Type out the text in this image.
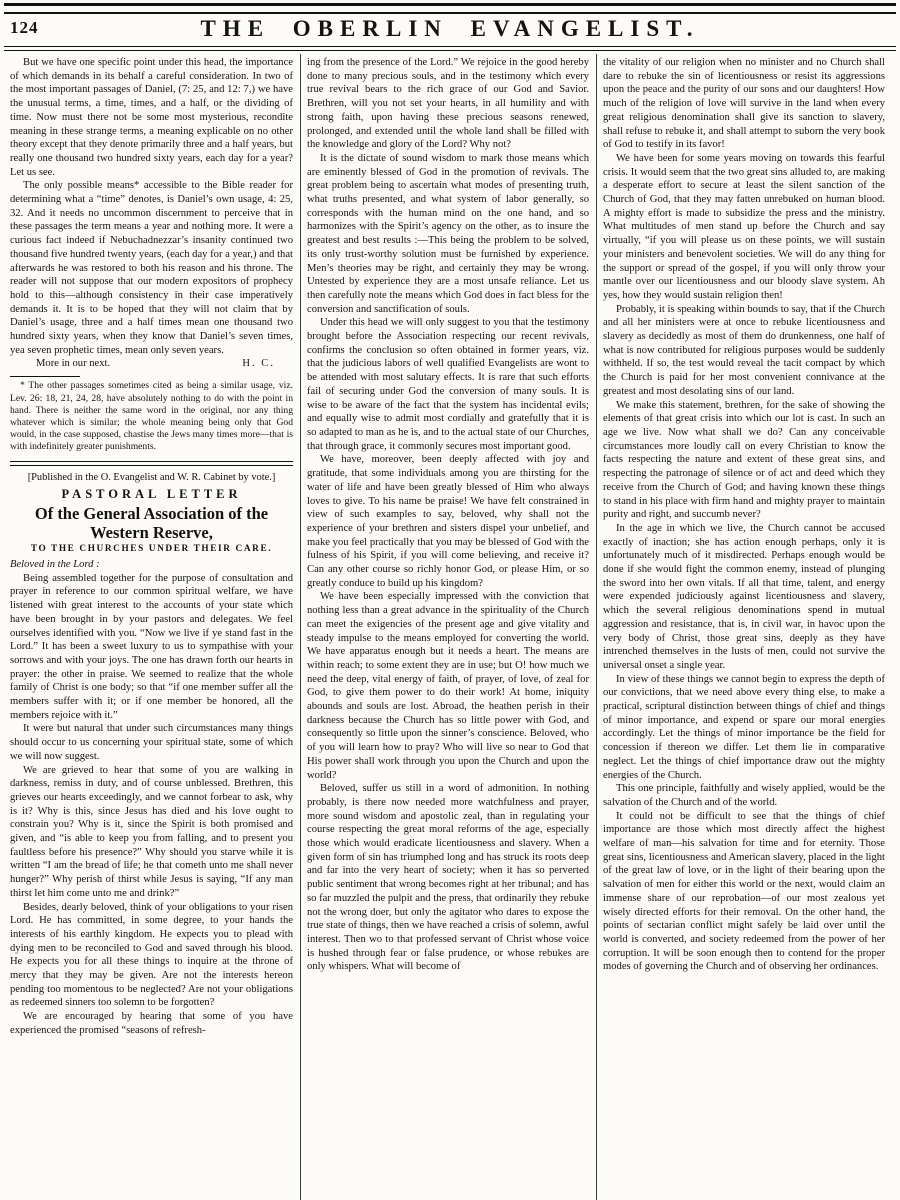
124	THE OBERLIN EVANGELIST.

But we have one specific point under this head, the importance of which demands in its behalf a careful consideration. In two of the most important passages of Daniel, (7: 25, and 12: 7,) we have the unusual terms, a time, times, and a half, or the dividing of time. Now must there not be some most mysterious, recondite meaning in these strange terms, a meaning explicable on no other theory except that they denote primarily three and a half years, but really one thousand two hundred sixty years, each day for a year? Let us see.

The only possible means* accessible to the Bible reader for determining what a “time” denotes, is Daniel’s own usage, 4: 25, 32. And it needs no uncommon discernment to perceive that in these passages the term means a year and nothing more. It were a curious fact indeed if Nebuchadnezzar’s insanity continued two thousand five hundred twenty years, (each day for a year,) and that afterwards he was restored to both his reason and his throne. The reader will not suppose that our modern expositors of prophecy hold to this—although consistency in their case imperatively demands it. It is to be hoped that they will not claim that by Daniel’s usage, three and a half times mean one thousand two hundred sixty years, when they know that Daniel’s seven times, yea seven prophetic times, mean only seven years.

More in our next.	H. C.

* The other passages sometimes cited as being a similar usage, viz. Lev. 26: 18, 21, 24, 28, have absolutely nothing to do with the point in hand. There is neither the same word in the original, nor any thing whatever which is similar; the whole meaning being only that God would, in the case supposed, chastise the Jews many times more—that is with indefinitely greater punishments.

[Published in the O. Evangelist and W. R. Cabinet by vote.]

PASTORAL LETTER
Of the General Association of the Western Reserve,
TO THE CHURCHES UNDER THEIR CARE.

Beloved in the Lord :

Being assembled together for the purpose of consultation and prayer in reference to our common spiritual welfare, we have listened with great interest to the accounts of your state which have been brought in by your pastors and delegates. We feel ourselves identified with you. “Now we live if ye stand fast in the Lord.” It has been a sweet luxury to us to sympathise with your sorrows and with your joys. The one has drawn forth our hearts in prayer: the other in praise. We seemed to realize that the whole family of Christ is one body; so that “if one member suffer all the members suffer with it; or if one member be honored, all the members rejoice with it.”

It were but natural that under such circumstances many things should occur to us concerning your spiritual state, some of which we will now suggest.

We are grieved to hear that some of you are walking in darkness, remiss in duty, and of course unblessed. Brethren, this grieves our hearts exceedingly, and we cannot forbear to ask, why is it? Why is this, since Jesus has died and his love ought to constrain you? Why is it, since the Spirit is both promised and given, and “is able to keep you from falling, and to present you faultless before his presence?” Why should you starve while it is written “I am the bread of life; he that cometh unto me shall never hunger?” Why perish of thirst while Jesus is saying, “If any man thirst let him come unto me and drink?”

Besides, dearly beloved, think of your obligations to your risen Lord. He has committed, in some degree, to your hands the interests of his earthly kingdom. He expects you to plead with dying men to be reconciled to God and saved through his blood. He expects you for all these things to inquire at the throne of mercy that they may be given. Are not the interests hereon pending too momentous to be neglected? Are not your obligations as redeemed sinners too solemn to be forgotten?

We are encouraged by hearing that some of you have experienced the promised “seasons of refresh-

ing from the presence of the Lord.” We rejoice in the good hereby done to many precious souls, and in the testimony which every true revival bears to the rich grace of our God and Savior. Brethren, will you not set your hearts, in all humility and with strong faith, upon having these precious seasons renewed, prolonged, and extended until the whole land shall be filled with the knowledge and glory of the Lord? Why not?

It is the dictate of sound wisdom to mark those means which are eminently blessed of God in the promotion of revivals. The great problem being to ascertain what modes of presenting truth, what truths presented, and what system of labor generally, so corresponds with the human mind on the one hand, and so harmonizes with the Spirit’s agency on the other, as to insure the greatest and best results :—This being the problem to be solved, its only trust-worthy solution must be furnished by experience. Men’s theories may be right, and certainly they may be wrong. Untested by experience they are a most unsafe reliance. Let us then carefully note the means which God does in fact bless for the conversion and sanctification of souls.

Under this head we will only suggest to you that the testimony brought before the Association respecting our recent revivals, confirms the conclusion so often obtained in former years, viz. that the judicious labors of well qualified Evangelists are wont to be attended with most salutary effects. It is rare that such efforts fail of securing under God the conversion of many souls. It is wise to be aware of the fact that the system has incidental evils; and equally wise to admit most cordially and gratefully that it is so adapted to man as he is, and to the actual state of our Churches, that through grace, it commonly secures most important good.

We have, moreover, been deeply affected with joy and gratitude, that some individuals among you are thirsting for the water of life and have been greatly blessed of Him who always loves to give. To his name be praise! We have felt constrained in view of such examples to say, beloved, why shall not the experience of your brethren and sisters dispel your unbelief, and make you feel practically that you may be blessed of God with the fulness of his Spirit, if you will come believing, and receive it? Can any other course so richly honor God, or please Him, or so greatly conduce to build up his kingdom?

We have been especially impressed with the conviction that nothing less than a great advance in the spirituality of the Church can meet the exigencies of the present age and give vitality and steady impulse to the means employed for converting the world. We have apparatus enough but it needs a heart. The means are within reach; to some extent they are in use; but O! how much we need the deep, vital energy of faith, of prayer, of love, of zeal for God, to give them power to do their work! At home, iniquity abounds and souls are lost. Abroad, the heathen perish in their darkness because the Church has so little power with God, and consequently so little upon the sinner’s conscience. Beloved, who of you will learn how to pray? Who will live so near to God that His power shall work through you upon the Church and upon the world?

Beloved, suffer us still in a word of admonition. In nothing probably, is there now needed more watchfulness and prayer, more sound wisdom and apostolic zeal, than in regulating your course respecting the great moral reforms of the age, especially those which would eradicate licentiousness and slavery. When a given form of sin has triumphed long and has struck its roots deep and far into the very heart of society; when it has so perverted public sentiment that wrong becomes right at her tribunal; and has so far muzzled the pulpit and the press, that ordinarily they rebuke not the wrong doer, but only the agitator who dares to expose the true state of things, then we have reached a crisis of solemn, awful interest. Then wo to that professed servant of Christ whose voice is hushed through fear or false prudence, or whose rebukes are only whispers. What will become of

the vitality of our religion when no minister and no Church shall dare to rebuke the sin of licentiousness or resist its aggressions upon the peace and the purity of our sons and our daughters! How much of the religion of love will survive in the land when every great religious denomination shall give its sanction to slavery, shall refuse to rebuke it, and shall attempt to suborn the very book of God to testify in its favor!

We have been for some years moving on towards this fearful crisis. It would seem that the two great sins alluded to, are making a desperate effort to secure at least the silent sanction of the Church of God, that they may fatten unrebuked on human blood. A mighty effort is made to subsidize the press and the ministry. What multitudes of men stand up before the Church and say virtually, “if you will please us on these points, we will sustain your ministers and benevolent societies. We will do any thing for the support or spread of the gospel, if you will only throw your mantle over our licentiousness and our bloody slave system. Ah yes, how they would sustain religion then!

Probably, it is speaking within bounds to say, that if the Church and all her ministers were at once to rebuke licentiousness and slavery as decidedly as most of them do drunkenness, one half of what is now contributed for religious purposes would be suddenly withheld. If so, the test would reveal the tacit compact by which the Church is paid for her most convenient connivance at the greatest and most desolating sins of our land.

We make this statement, brethren, for the sake of showing the elements of that great crisis into which our lot is cast. In such an age we live. Now what shall we do? Can any conceivable circumstances more loudly call on every Christian to know the facts respecting the nature and extent of these great sins, and respecting the patronage of silence or of act and deed which they receive from the Church of God; and having known these things to stand in his place with firm hand and mighty prayer to maintain purity and right, and succumb never?

In the age in which we live, the Church cannot be accused exactly of inaction; she has action enough perhaps, only it is unfortunately much of it misdirected. Perhaps enough would be done if she would fight the common enemy, instead of plunging the sword into her own vitals. If all that time, talent, and energy were expended judiciously against licentiousness and slavery, which the several religious denominations spend in mutual aggression and resistance, that is, in civil war, in havoc upon the very body of Christ, those great sins, deeply as they have intrenched themselves in the lusts of men, could not survive the universal onset a single year.

In view of these things we cannot begin to express the depth of our convictions, that we need above every thing else, to make a practical, scriptural distinction between things of chief and things of minor importance, and expend or spare our moral energies accordingly. Let the things of minor importance be the field for concession if thereon we differ. Let them lie in comparative neglect. Let the things of chief importance draw out the mighty energies of the Church.

This one principle, faithfully and wisely applied, would be the salvation of the Church and of the world.

It could not be difficult to see that the things of chief importance are those which most directly affect the highest welfare of man—his salvation for time and for eternity. Those great sins, licentiousness and American slavery, placed in the light of the great law of love, or in the light of their bearing upon the salvation of men for either this world or the next, would claim an immense share of our reprobation—of our most zealous yet wisely directed efforts for their removal. On the other hand, the points of sectarian conflict might safely be laid over until the world is converted, and society redeemed from the power of her corruption. It will be soon enough then to contend for the proper modes of governing the Church and of observing her ordinances.
